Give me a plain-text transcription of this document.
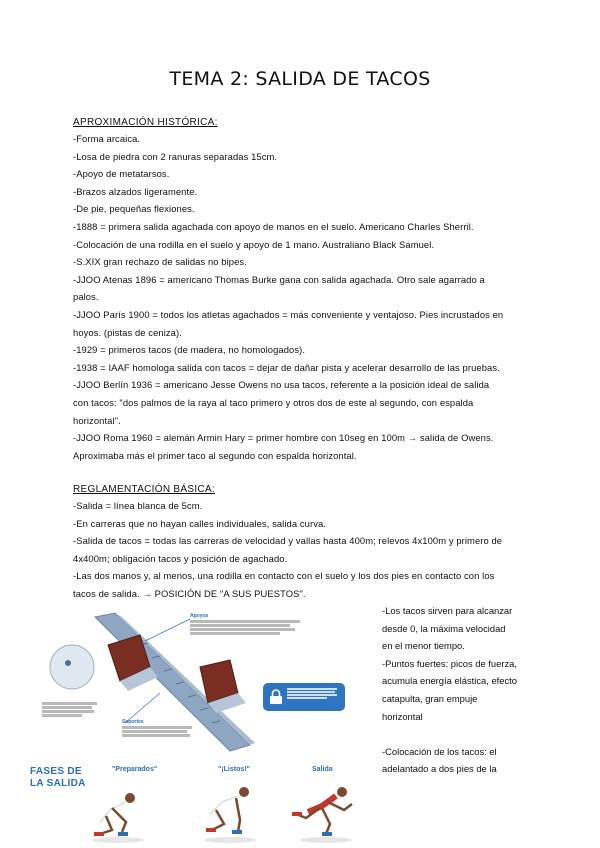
TEMA 2: SALIDA DE TACOS
APROXIMACIÓN HISTÓRICA:

-Forma arcaica.

-Losa de piedra con 2 ranuras separadas 15cm.

-Apoyo de metatarsos.

-Brazos alzados ligeramente.

-De pie, pequeñas flexiones.

-1888 = primera salida agachada con apoyo de manos en el suelo. Americano Charles Sherril.

-Colocación de una rodilla en el suelo y apoyo de 1 mano. Australiano Black Samuel.

-S.XIX gran rechazo de salidas no bipes.

-JJOO Atenas 1896 = americano Thomas Burke gana con salida agachada. Otro sale agarrado a

palos.

-JJOO París 1900 = todos los atletas agachados = más conveniente y ventajoso. Pies incrustados en

hoyos. (pistas de ceniza).

-1929 = primeros tacos (de madera, no homologados).

-1938 = IAAF homologa salida con tacos = dejar de dañar pista y acelerar desarrollo de las pruebas.

-JJOO Berlín 1936 = americano Jesse Owens no usa tacos, referente a la posición ideal de salida

con tacos: "dos palmos de la raya al taco primero y otros dos de este al segundo, con espalda

horizontal".

-JJOO Roma 1960 = alemán Armin Hary = primer hombre con 10seg en 100m → salida de Owens.

Aproximaba más el primer taco al segundo con espalda horizontal.

REGLAMENTACIÓN BÁSICA:

-Salida = línea blanca de 5cm.

-En carreras que no hayan calles individuales, salida curva.

-Salida de tacos = todas las carreras de velocidad y vallas hasta 400m; relevos 4x100m y primero de

4x400m; obligación tacos y posición de agachado.

-Las dos manos y, al menos, una rodilla en contacto con el suelo y los dos pies en contacto con los

tacos de salida. → POSICIÓN DE "A SUS PUESTOS".

Apoyos
Soportes

-Los tacos sirven para alcanzar

desde 0, la máxima velocidad

en el menor tiempo.

-Puntos fuertes: picos de fuerza,

acumula energía elástica, efecto

catapulta, gran empuje

horizontal

-Colocación de los tacos: el

adelantado a dos pies de la

FASES DE
LA SALIDA
"Preparados"	"¡Listos!"	Salida
